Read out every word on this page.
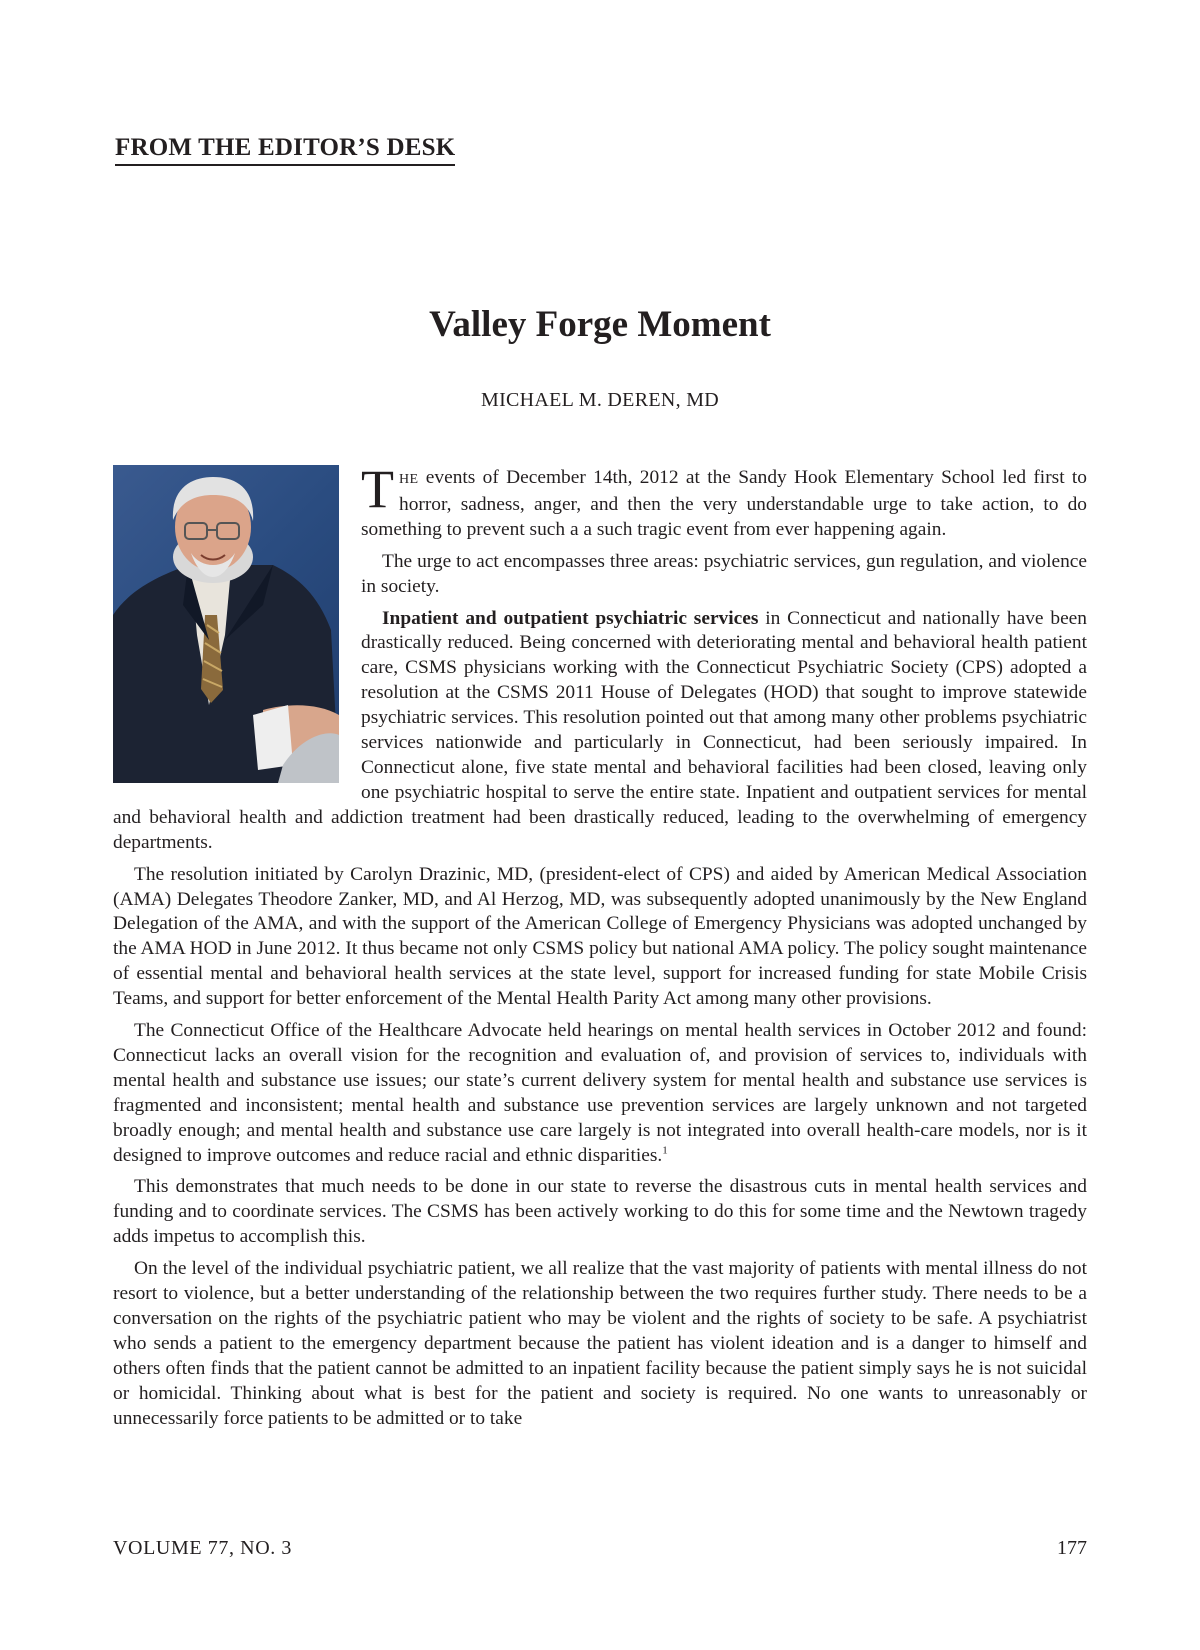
FROM THE EDITOR’S DESK
Valley Forge Moment
MICHAEL M. DEREN, MD

THE events of December 14th, 2012 at the Sandy Hook Elementary School led first to horror, sadness, anger, and then the very understandable urge to take action, to do something to prevent such a a such tragic event from ever happening again.

The urge to act encompasses three areas: psychiatric services, gun regulation, and violence in society.

Inpatient and outpatient psychiatric services in Connecticut and nationally have been drastically reduced. Being concerned with deteriorating mental and behavioral health patient care, CSMS physicians working with the Connecticut Psychiatric Society (CPS) adopted a resolution at the CSMS 2011 House of Delegates (HOD) that sought to improve statewide psychiatric services. This resolution pointed out that among many other problems psychiatric services nationwide and particularly in Connecticut, had been seriously impaired. In Connecticut alone, five state mental and behavioral facilities had been closed, leaving only one psychiatric hospital to serve the entire state. Inpatient and outpatient services for mental and behavioral health and addiction treatment had been drastically reduced, leading to the overwhelming of emergency departments.

The resolution initiated by Carolyn Drazinic, MD, (president-elect of CPS) and aided by American Medical Association (AMA) Delegates Theodore Zanker, MD, and Al Herzog, MD, was subsequently adopted unanimously by the New England Delegation of the AMA, and with the support of the American College of Emergency Physicians was adopted unchanged by the AMA HOD in June 2012. It thus became not only CSMS policy but national AMA policy. The policy sought maintenance of essential mental and behavioral health services at the state level, support for increased funding for state Mobile Crisis Teams, and support for better enforcement of the Mental Health Parity Act among many other provisions.

The Connecticut Office of the Healthcare Advocate held hearings on mental health services in October 2012 and found: Connecticut lacks an overall vision for the recognition and evaluation of, and provision of services to, individuals with mental health and substance use issues; our state’s current delivery system for mental health and substance use services is fragmented and inconsistent; mental health and substance use prevention services are largely unknown and not targeted broadly enough; and mental health and substance use care largely is not integrated into overall health-care models, nor is it designed to improve outcomes and reduce racial and ethnic disparities.$^1$

This demonstrates that much needs to be done in our state to reverse the disastrous cuts in mental health services and funding and to coordinate services. The CSMS has been actively working to do this for some time and the Newtown tragedy adds impetus to accomplish this.

On the level of the individual psychiatric patient, we all realize that the vast majority of patients with mental illness do not resort to violence, but a better understanding of the relationship between the two requires further study. There needs to be a conversation on the rights of the psychiatric patient who may be violent and the rights of society to be safe. A psychiatrist who sends a patient to the emergency department because the patient has violent ideation and is a danger to himself and others often finds that the patient cannot be admitted to an inpatient facility because the patient simply says he is not suicidal or homicidal. Thinking about what is best for the patient and society is required. No one wants to unreasonably or unnecessarily force patients to be admitted or to take

VOLUME 77, NO. 3	177
